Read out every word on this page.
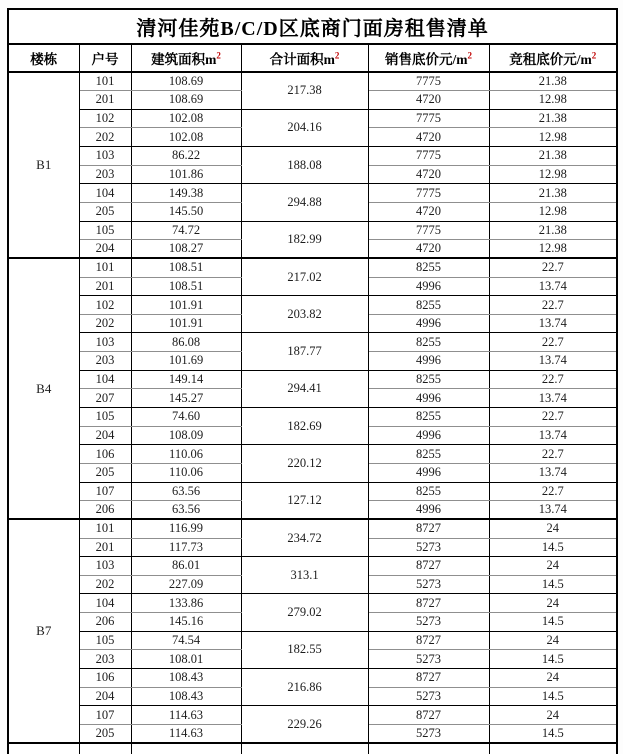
清河佳苑B/C/D区底商门面房租售清单					
楼栋	户号	建筑面积$m^2$	合计面积$m^2$	销售底价元$/m^2$	竞租底价元$/m^2$
B1	101	108.69	217.38	7775	21.38
	201	108.69		4720	12.98
	102	102.08	204.16	7775	21.38
	202	102.08		4720	12.98
	103	86.22	188.08	7775	21.38
	203	101.86		4720	12.98
	104	149.38	294.88	7775	21.38
	205	145.50		4720	12.98
	105	74.72	182.99	7775	21.38
	204	108.27		4720	12.98
B4	101	108.51	217.02	8255	22.7
	201	108.51		4996	13.74
	102	101.91	203.82	8255	22.7
	202	101.91		4996	13.74
	103	86.08	187.77	8255	22.7
	203	101.69		4996	13.74
	104	149.14	294.41	8255	22.7
	207	145.27		4996	13.74
	105	74.60	182.69	8255	22.7
	204	108.09		4996	13.74
	106	110.06	220.12	8255	22.7
	205	110.06		4996	13.74
	107	63.56	127.12	8255	22.7
	206	63.56		4996	13.74
B7	101	116.99	234.72	8727	24
	201	117.73		5273	14.5
	103	86.01	313.1	8727	24
	202	227.09		5273	14.5
	104	133.86	279.02	8727	24
	206	145.16		5273	14.5
	105	74.54	182.55	8727	24
	203	108.01		5273	14.5
	106	108.43	216.86	8727	24
	204	108.43		5273	14.5
	107	114.63	229.26	8727	24
	205	114.63		5273	14.5
